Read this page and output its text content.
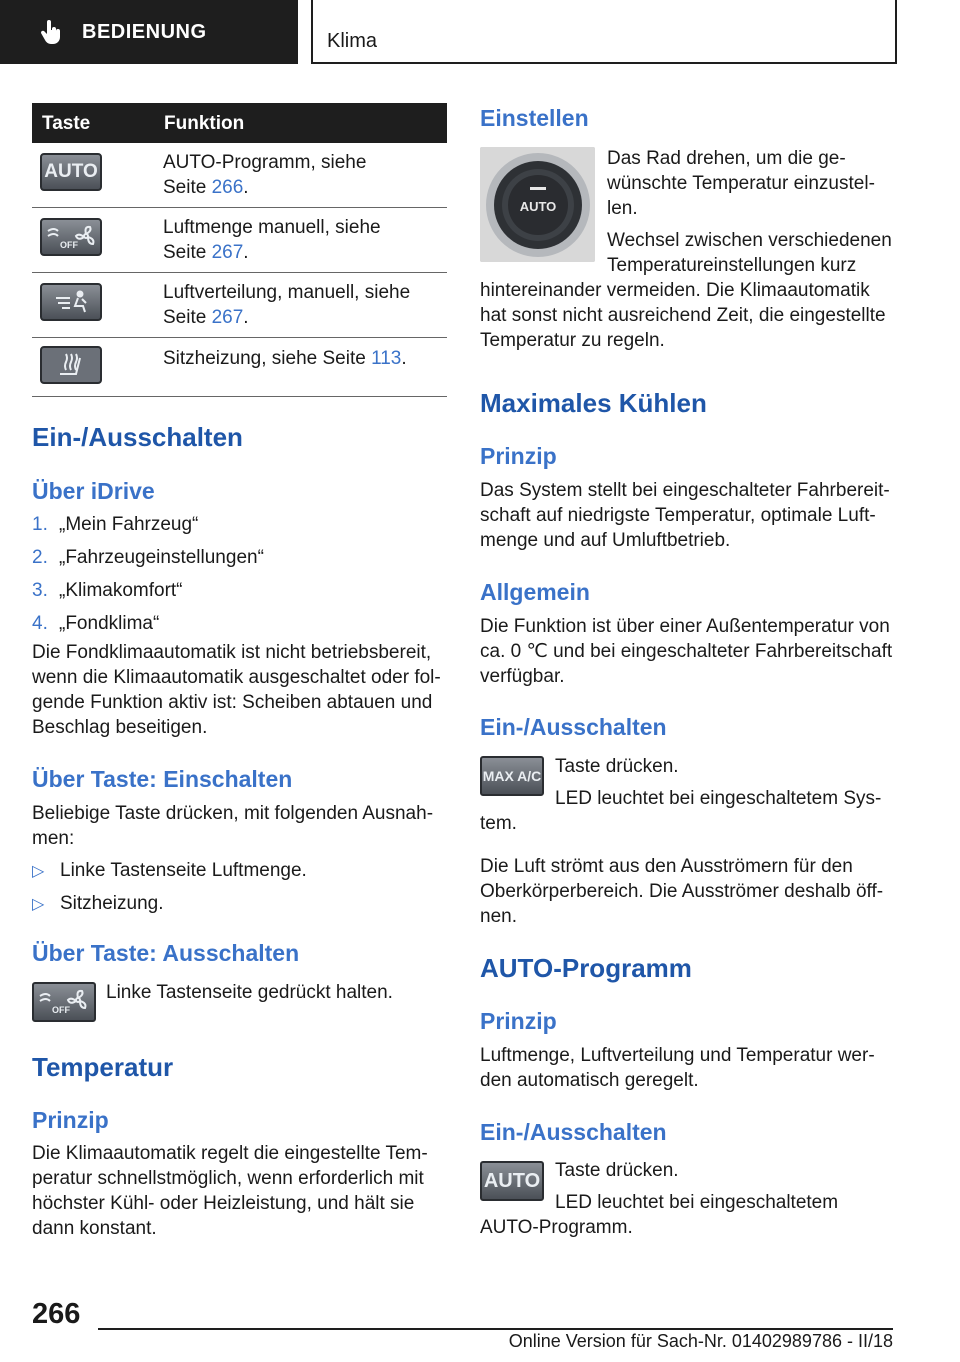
BEDIENUNG	Klima
Taste	Funktion
AUTO	AUTO-Programm, siehe
Seite 266.
OFF
Luftmenge manuell, siehe
Seite 267.
Luftverteilung, manuell, siehe
Seite 267.
Sitzheizung, siehe Seite 113.
Ein-/Ausschalten
Über iDrive
1. „Mein Fahrzeug“
2. „Fahrzeugeinstellungen“
3. „Klimakomfort“
4. „Fondklima“
Die Fondklimaautomatik ist nicht betriebsbereit,
wenn die Klimaautomatik ausgeschaltet oder fol-
gende Funktion aktiv ist: Scheiben abtauen und
Beschlag beseitigen.
Über Taste: Einschalten
Beliebige Taste drücken, mit folgenden Ausnah-
men:
▷ Linke Tastenseite Luftmenge.
▷ Sitzheizung.
Über Taste: Ausschalten
OFF
Linke Tastenseite gedrückt halten.
Temperatur
Prinzip
Die Klimaautomatik regelt die eingestellte Tem-
peratur schnellstmöglich, wenn erforderlich mit
höchster Kühl- oder Heizleistung, und hält sie
dann konstant.
Einstellen
AUTO
Das Rad drehen, um die ge-
wünschte Temperatur einzustel-
len.
Wechsel zwischen verschiedenen
Temperatureinstellungen kurz
hintereinander vermeiden. Die Klimaautomatik
hat sonst nicht ausreichend Zeit, die eingestellte
Temperatur zu regeln.
Maximales Kühlen
Prinzip
Das System stellt bei eingeschalteter Fahrbereit-
schaft auf niedrigste Temperatur, optimale Luft-
menge und auf Umluftbetrieb.
Allgemein
Die Funktion ist über einer Außentemperatur von
ca. 0 ℃ und bei eingeschalteter Fahrbereitschaft
verfügbar.
Ein-/Ausschalten
MAX A/C Taste drücken.
LED leuchtet bei eingeschaltetem Sys-
tem.
Die Luft strömt aus den Ausströmern für den
Oberkörperbereich. Die Ausströmer deshalb öff-
nen.
AUTO-Programm
Prinzip
Luftmenge, Luftverteilung und Temperatur wer-
den automatisch geregelt.
Ein-/Ausschalten
AUTO Taste drücken.
LED leuchtet bei eingeschaltetem
AUTO-Programm.
266
Online Version für Sach-Nr. 01402989786 - II/18
